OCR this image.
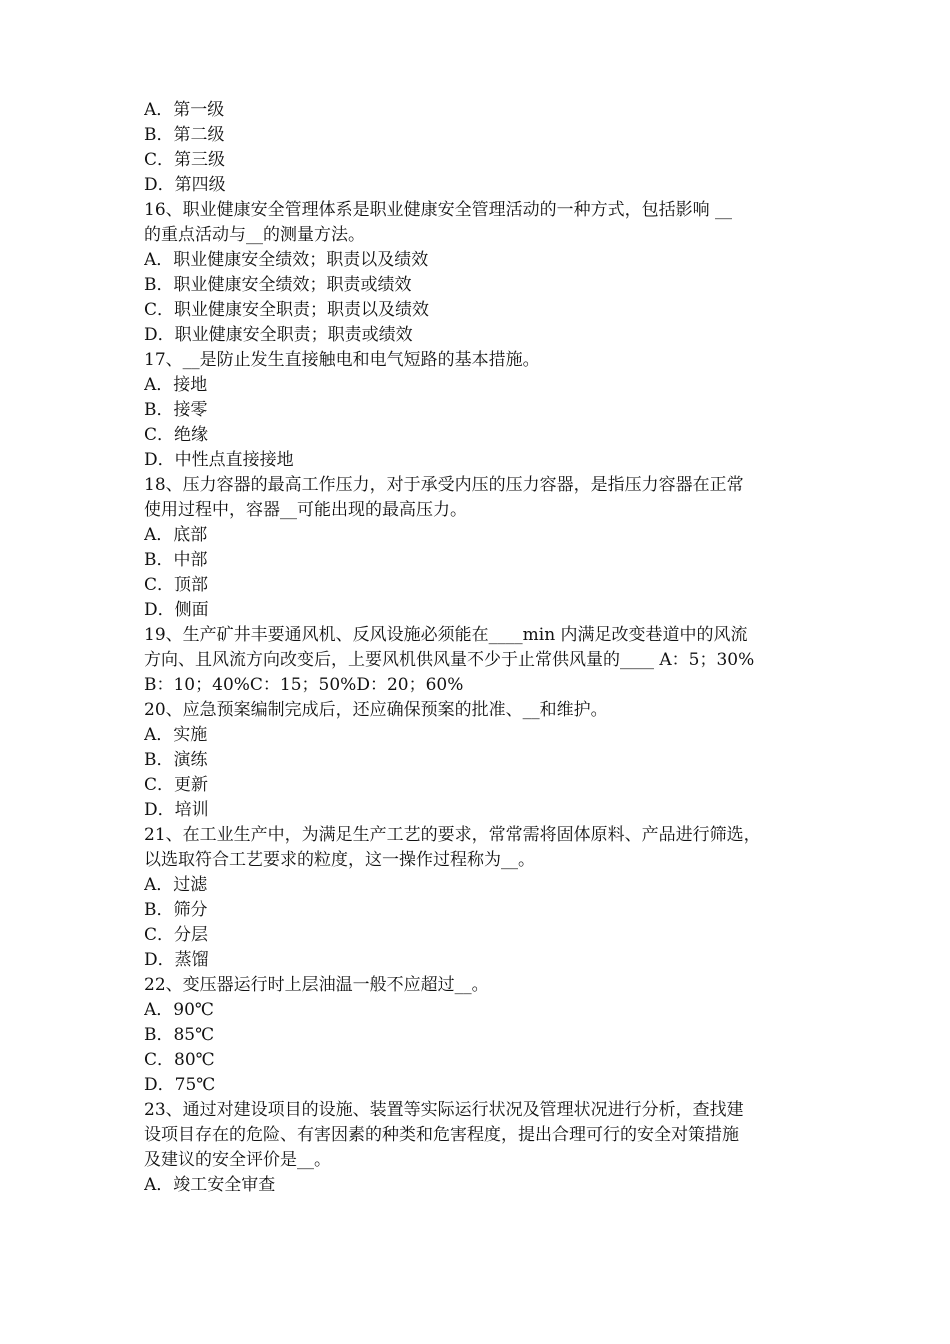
A．第一级
B．第二级
C．第三级
D．第四级
16、职业健康安全管理体系是职业健康安全管理活动的一种方式，包括影响 __
的重点活动与__的测量方法。
A．职业健康安全绩效；职责以及绩效
B．职业健康安全绩效；职责或绩效
C．职业健康安全职责；职责以及绩效
D．职业健康安全职责；职责或绩效
17、__是防止发生直接触电和电气短路的基本措施。
A．接地
B．接零
C．绝缘
D．中性点直接接地
18、压力容器的最高工作压力，对于承受内压的压力容器，是指压力容器在正常
使用过程中，容器__可能出现的最高压力。
A．底部
B．中部
C．顶部
D．侧面
19、生产矿井丰要通风机、反风设施必须能在____min 内满足改变巷道中的风流
方向、且风流方向改变后，上要风机供风量不少于止常供风量的____ A：5；30%
B：10；40%C：15；50%D：20；60%
20、应急预案编制完成后，还应确保预案的批准、__和维护。
A．实施
B．演练
C．更新
D．培训
21、在工业生产中，为满足生产工艺的要求，常常需将固体原料、产品进行筛选，
以选取符合工艺要求的粒度，这一操作过程称为__。
A．过滤
B．筛分
C．分层
D．蒸馏
22、变压器运行时上层油温一般不应超过__。
A．90℃
B．85℃
C．80℃
D．75℃
23、通过对建设项目的设施、装置等实际运行状况及管理状况进行分析，查找建
设项目存在的危险、有害因素的种类和危害程度，提出合理可行的安全对策措施
及建议的安全评价是__。
A．竣工安全审查
